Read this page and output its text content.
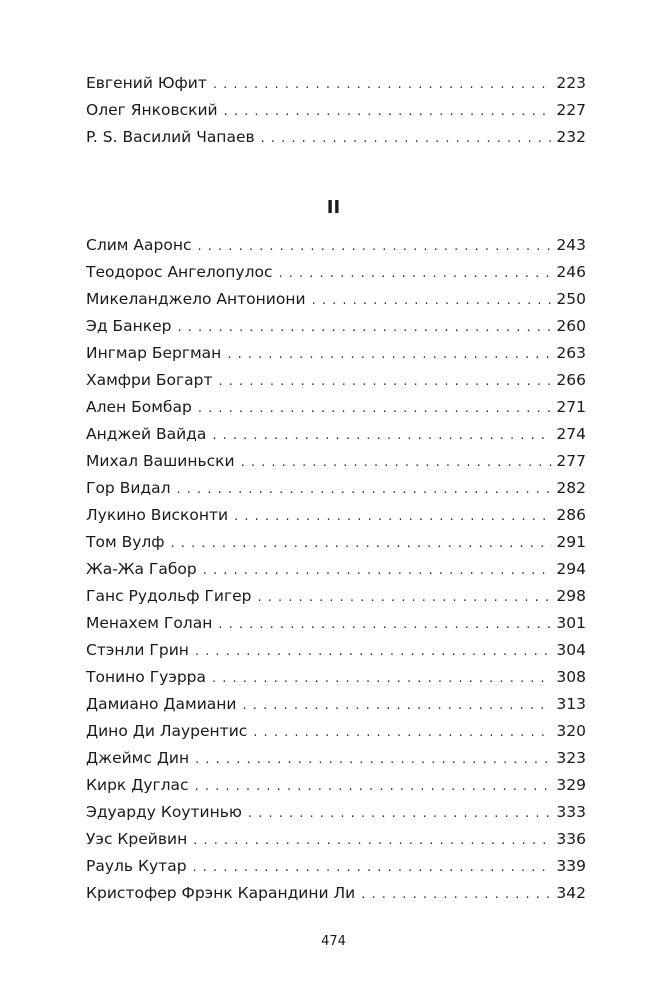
Евгений Юфит . . .	223
Олег Янковский . . .	227
P. S. Василий Чапаев . . .	232
II
Слим Ааронс . . .	243
Теодорос Ангелопулос . . .	246
Микеланджело Антониони . . .	250
Эд Банкер . . .	260
Ингмар Бергман . . .	263
Хамфри Богарт . . .	266
Ален Бомбар . . .	271
Анджей Вайда . . .	274
Михал Вашиньски . . .	277
Гор Видал . . .	282
Лукино Висконти . . .	286
Том Вулф . . .	291
Жа-Жа Габор . . .	294
Ганс Рудольф Гигер . . .	298
Менахем Голан . . .	301
Стэнли Грин . . .	304
Тонино Гуэрра . . .	308
Дамиано Дамиани . . .	313
Дино Ди Лаурентис . . .	320
Джеймс Дин . . .	323
Кирк Дуглас . . .	329
Эдуарду Коутинью . . .	333
Уэс Крейвин . . .	336
Рауль Кутар . . .	339
Кристофер Фрэнк Карандини Ли . . .	342
474
